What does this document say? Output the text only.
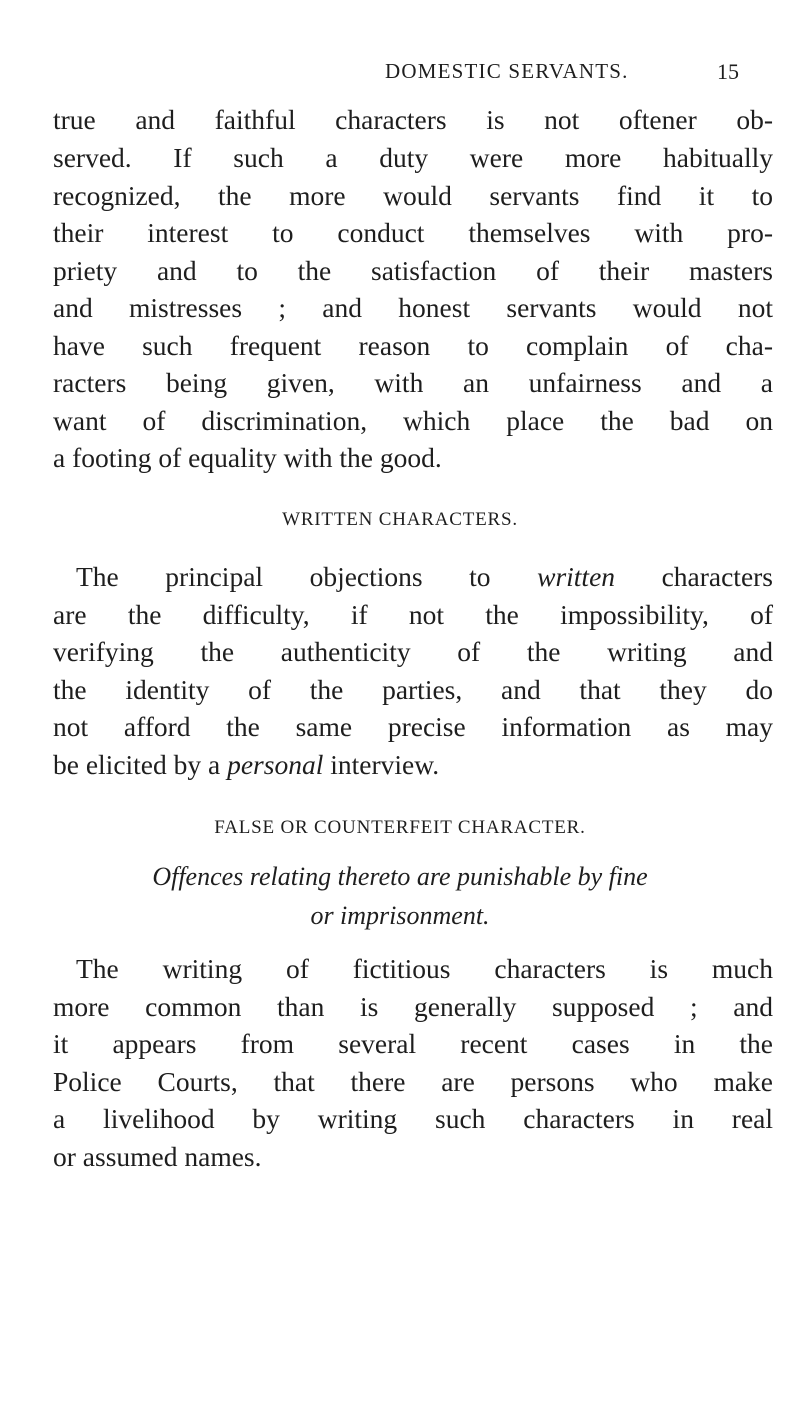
DOMESTIC SERVANTS.	15
true and faithful characters is not oftener ob-
served. If such a duty were more habitually
recognized, the more would servants find it to
their interest to conduct themselves with pro-
priety and to the satisfaction of their masters
and mistresses ; and honest servants would not
have such frequent reason to complain of cha-
racters being given, with an unfairness and a
want of discrimination, which place the bad on
a footing of equality with the good.
WRITTEN CHARACTERS.
The principal objections to written characters
are the difficulty, if not the impossibility, of
verifying the authenticity of the writing and
the identity of the parties, and that they do
not afford the same precise information as may
be elicited by a personal interview.
FALSE OR COUNTERFEIT CHARACTER.
Offences relating thereto are punishable by fine
or imprisonment.
The writing of fictitious characters is much
more common than is generally supposed ; and
it appears from several recent cases in the
Police Courts, that there are persons who make
a livelihood by writing such characters in real
or assumed names.
